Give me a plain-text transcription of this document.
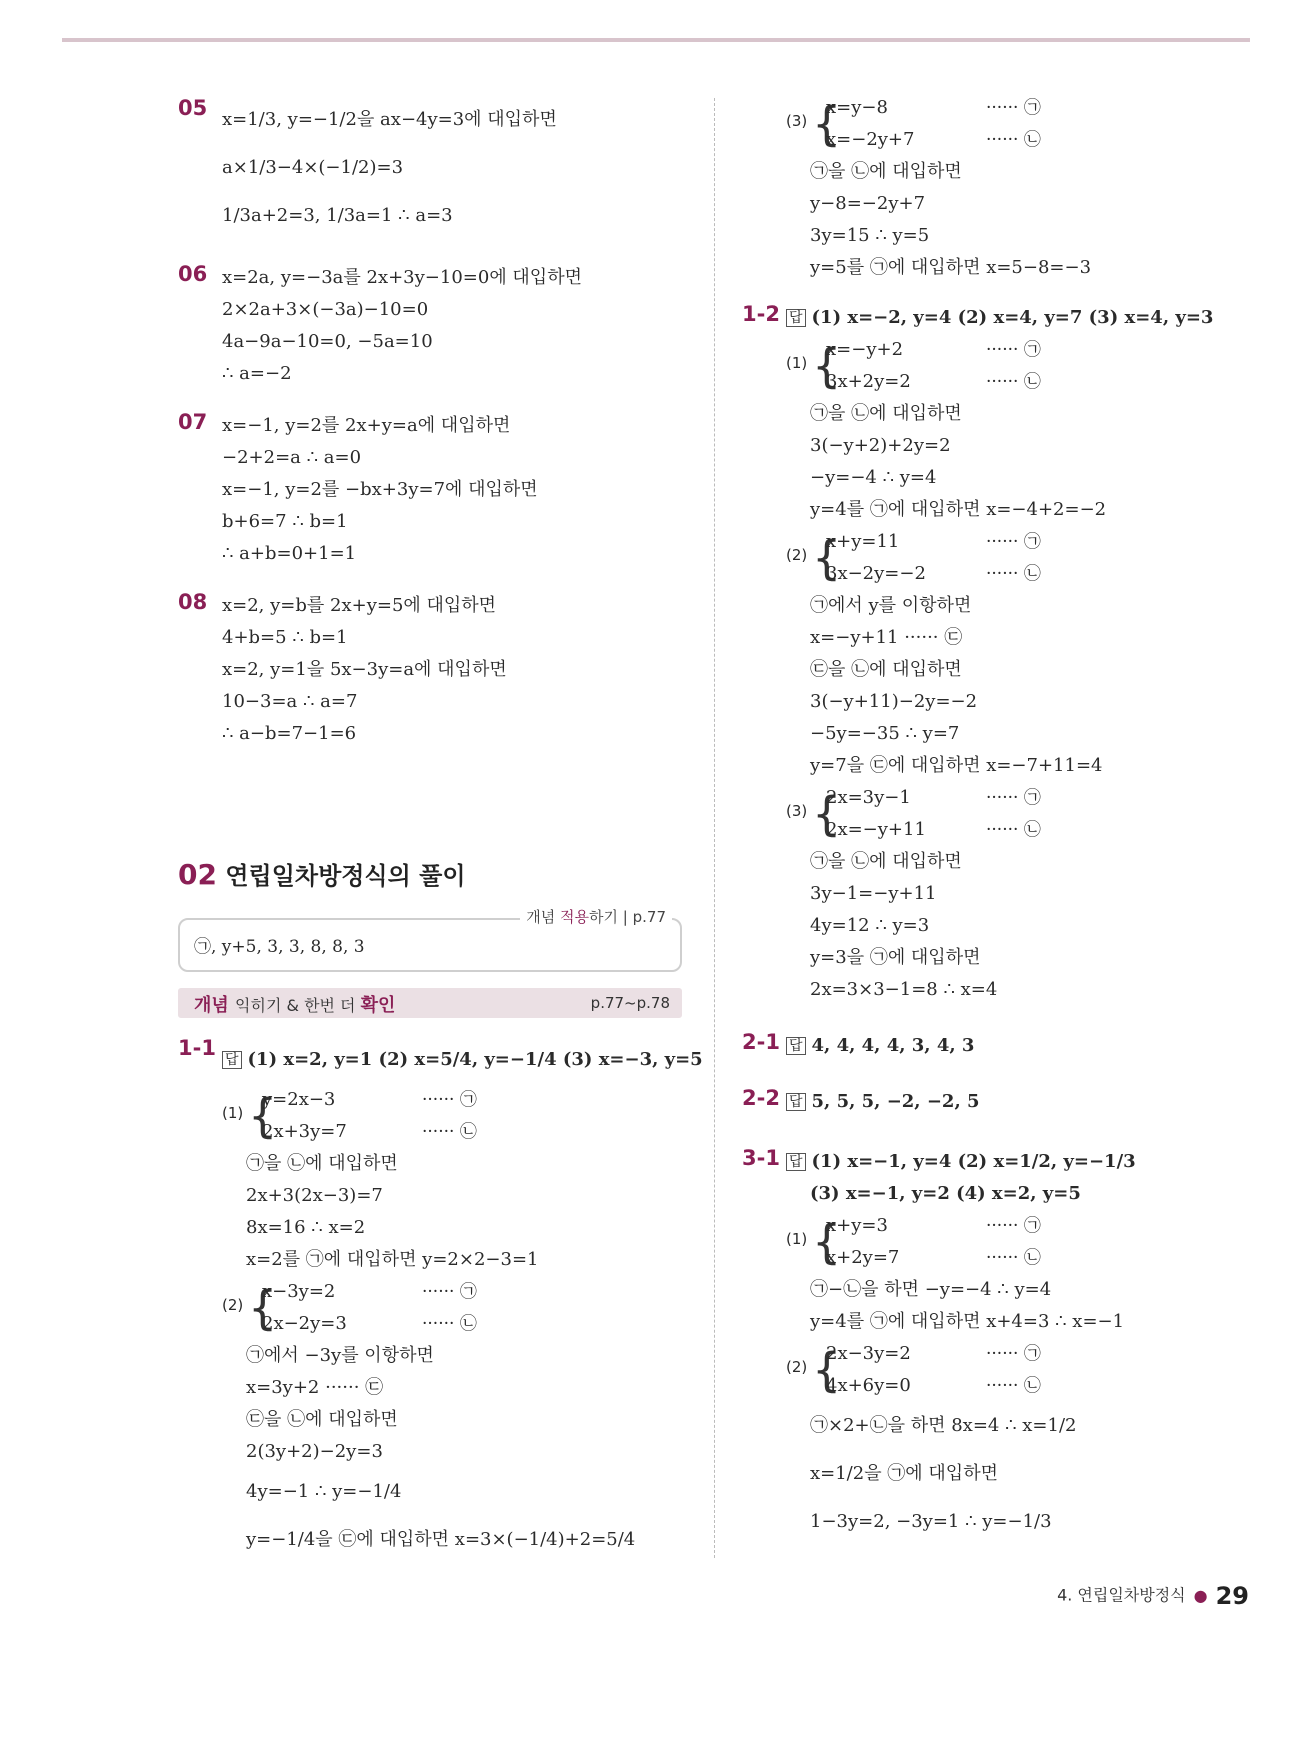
05 x=1/3, y=−1/2을 ax−4y=3에 대입하면
a×1/3−4×(−1/2)=3
1/3a+2=3, 1/3a=1 ∴ a=3
06 x=2a, y=−3a를 2x+3y−10=0에 대입하면
2×2a+3×(−3a)−10=0
4a−9a−10=0, −5a=10
∴ a=−2
07 x=−1, y=2를 2x+y=a에 대입하면
−2+2=a ∴ a=0
x=−1, y=2를 −bx+3y=7에 대입하면
b+6=7 ∴ b=1
∴ a+b=0+1=1
08 x=2, y=b를 2x+y=5에 대입하면
4+b=5 ∴ b=1
x=2, y=1을 5x−3y=a에 대입하면
10−3=a ∴ a=7
∴ a−b=7−1=6
02 연립일차방정식의 풀이
개념 적용하기 | p.77
㉠, y+5, 3, 3, 8, 8, 3
개념 익히기 & 한번 더 확인	p.77~p.78
1-1 답 (1) x=2, y=1 (2) x=5/4, y=−1/4 (3) x=−3, y=5
(1) {
y=2x−3
2x+3y=7
······ ㉠
······ ㉡
㉠을 ㉡에 대입하면
2x+3(2x−3)=7
8x=16 ∴ x=2
x=2를 ㉠에 대입하면 y=2×2−3=1
(2) {
x−3y=2
2x−2y=3
······ ㉠
······ ㉡
㉠에서 −3y를 이항하면
x=3y+2 ······ ㉢
㉢을 ㉡에 대입하면
2(3y+2)−2y=3
4y=−1 ∴ y=−1/4
y=−1/4을 ㉢에 대입하면 x=3×(−1/4)+2=5/4
(3) {
x=y−8
x=−2y+7
······ ㉠
······ ㉡
㉠을 ㉡에 대입하면
y−8=−2y+7
3y=15 ∴ y=5
y=5를 ㉠에 대입하면 x=5−8=−3
1-2 답 (1) x=−2, y=4 (2) x=4, y=7 (3) x=4, y=3
(1) {
x=−y+2
3x+2y=2
······ ㉠
······ ㉡
㉠을 ㉡에 대입하면
3(−y+2)+2y=2
−y=−4 ∴ y=4
y=4를 ㉠에 대입하면 x=−4+2=−2
(2) {
x+y=11
3x−2y=−2
······ ㉠
······ ㉡
㉠에서 y를 이항하면
x=−y+11 ······ ㉢
㉢을 ㉡에 대입하면
3(−y+11)−2y=−2
−5y=−35 ∴ y=7
y=7을 ㉢에 대입하면 x=−7+11=4
(3) {
2x=3y−1
2x=−y+11
······ ㉠
······ ㉡
㉠을 ㉡에 대입하면
3y−1=−y+11
4y=12 ∴ y=3
y=3을 ㉠에 대입하면
2x=3×3−1=8 ∴ x=4
2-1 답 4, 4, 4, 4, 3, 4, 3
2-2 답 5, 5, 5, −2, −2, 5
3-1 답 (1) x=−1, y=4 (2) x=1/2, y=−1/3
(3) x=−1, y=2 (4) x=2, y=5
(1) {
x+y=3
x+2y=7
······ ㉠
······ ㉡
㉠−㉡을 하면 −y=−4 ∴ y=4
y=4를 ㉠에 대입하면 x+4=3 ∴ x=−1
(2) {
2x−3y=2
4x+6y=0
······ ㉠
······ ㉡
㉠×2+㉡을 하면 8x=4 ∴ x=1/2
x=1/2을 ㉠에 대입하면
1−3y=2, −3y=1 ∴ y=−1/3
4. 연립일차방정식 ● 29
